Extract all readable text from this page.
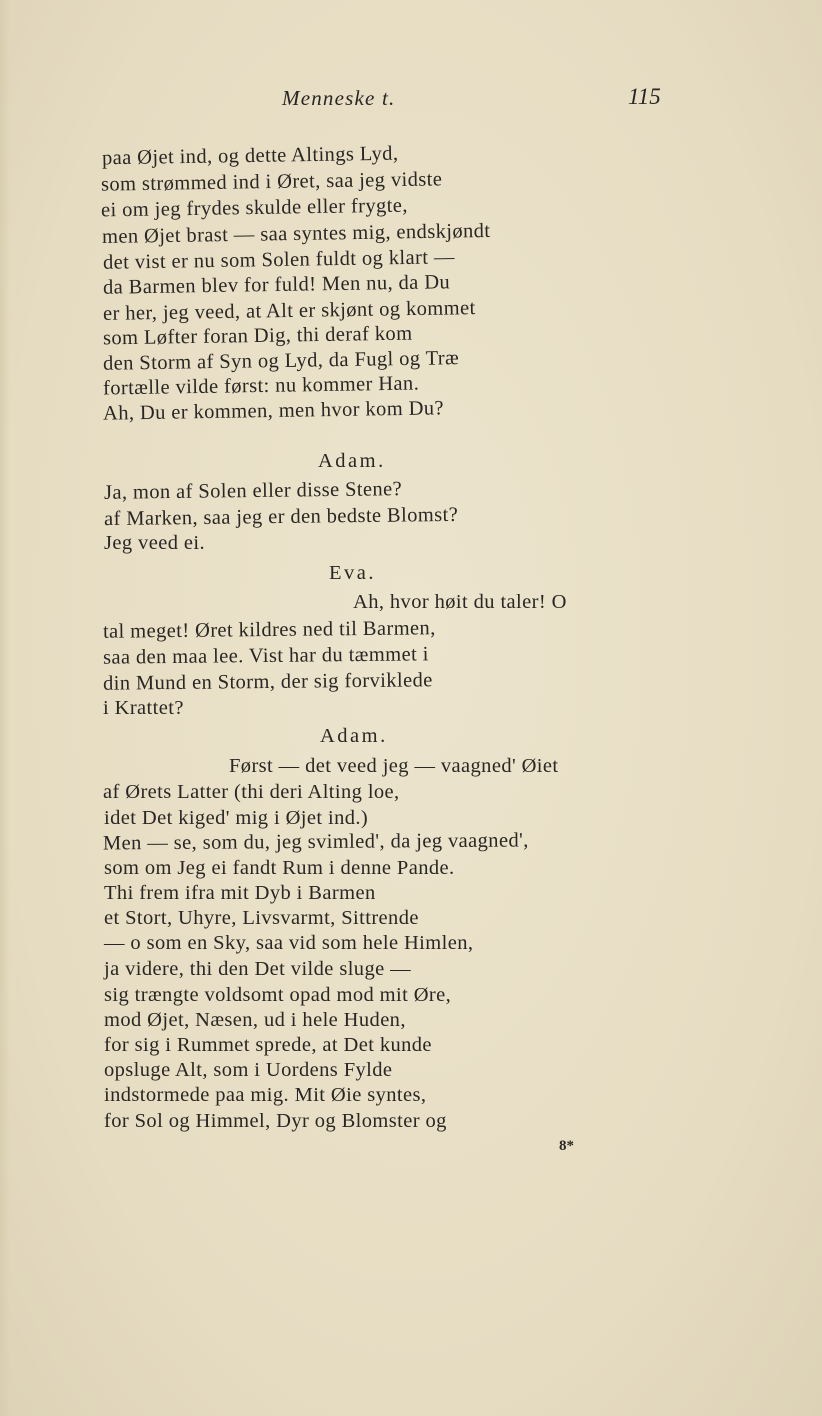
Menneske t.	115
paa Øjet ind, og dette Altings Lyd,
som strømmed ind i Øret, saa jeg vidste
ei om jeg frydes skulde eller frygte,
men Øjet brast — saa syntes mig, endskjøndt
det vist er nu som Solen fuldt og klart —
da Barmen blev for fuld! Men nu, da Du
er her, jeg veed, at Alt er skjønt og kommet
som Løfter foran Dig, thi deraf kom
den Storm af Syn og Lyd, da Fugl og Træ
fortælle vilde først: nu kommer Han.
Ah, Du er kommen, men hvor kom Du?
Adam.
Ja, mon af Solen eller disse Stene?
af Marken, saa jeg er den bedste Blomst?
Jeg veed ei.
Eva.
Ah, hvor høit du taler! O
tal meget! Øret kildres ned til Barmen,
saa den maa lee. Vist har du tæmmet i
din Mund en Storm, der sig forviklede
i Krattet?
Adam.
Først — det veed jeg — vaagned' Øiet
af Ørets Latter (thi deri Alting loe,
idet Det kiged' mig i Øjet ind.)
Men — se, som du, jeg svimled', da jeg vaagned',
som om Jeg ei fandt Rum i denne Pande.
Thi frem ifra mit Dyb i Barmen
et Stort, Uhyre, Livsvarmt, Sittrende
— o som en Sky, saa vid som hele Himlen,
ja videre, thi den Det vilde sluge —
sig trængte voldsomt opad mod mit Øre,
mod Øjet, Næsen, ud i hele Huden,
for sig i Rummet sprede, at Det kunde
opsluge Alt, som i Uordens Fylde
indstormede paa mig. Mit Øie syntes,
for Sol og Himmel, Dyr og Blomster og
8*
